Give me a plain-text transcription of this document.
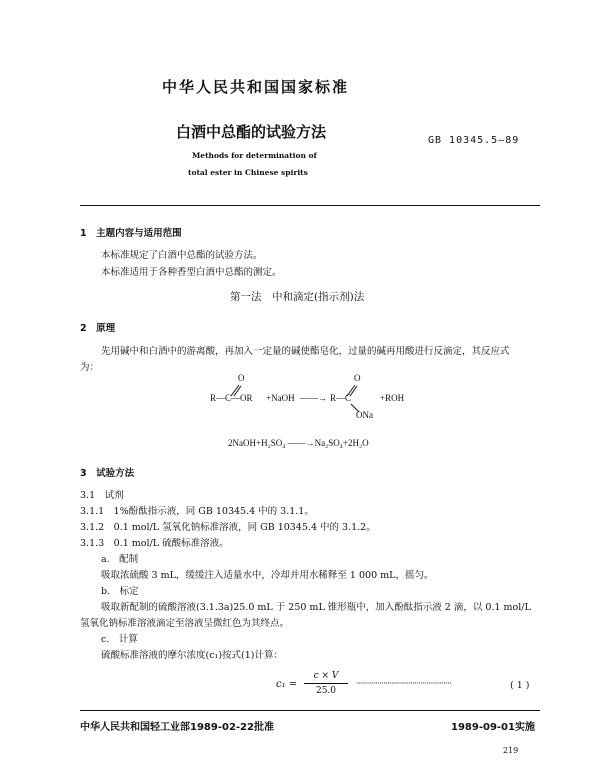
中华人民共和国国家标准
白酒中总酯的试验方法	GB 10345.5—89
Methods for determination of
total ester in Chinese spirits
1　主题内容与适用范围
本标准规定了白酒中总酯的试验方法。
本标准适用于各种香型白酒中总酯的测定。
第一法　中和滴定(指示剂)法
2　原理
先用碱中和白酒中的游离酸，再加入一定量的碱使酯皂化，过量的碱再用酸进行反滴定，其反应式
为：
O
R—C—OR +NaOH ——→
O
R—C
ONa
+ROH
2NaOH+H₂SO₄ ——→Na₂SO₄+2H₂O
3　试验方法
3.1　试剂
3.1.1　1%酚酞指示液，同 GB 10345.4 中的 3.1.1。
3.1.2　0.1 mol/L 氢氧化钠标准溶液，同 GB 10345.4 中的 3.1.2。
3.1.3　0.1 mol/L 硫酸标准溶液。
a.　配制
吸取浓硫酸 3 mL，缓缓注入适量水中，冷却并用水稀释至 1 000 mL，摇匀。
b.　标定
吸取新配制的硫酸溶液(3.1.3a)25.0 mL 于 250 mL 锥形瓶中，加入酚酞指示液 2 滴，以 0.1 mol/L
氢氧化钠标准溶液滴定至溶液呈微红色为其终点。
c.　计算
硫酸标准溶液的摩尔浓度(c₁)按式(1)计算：
c₁ =
c × V
25.0
·················································	( 1 )
中华人民共和国轻工业部1989-02-22批准	1989-09-01实施
219
